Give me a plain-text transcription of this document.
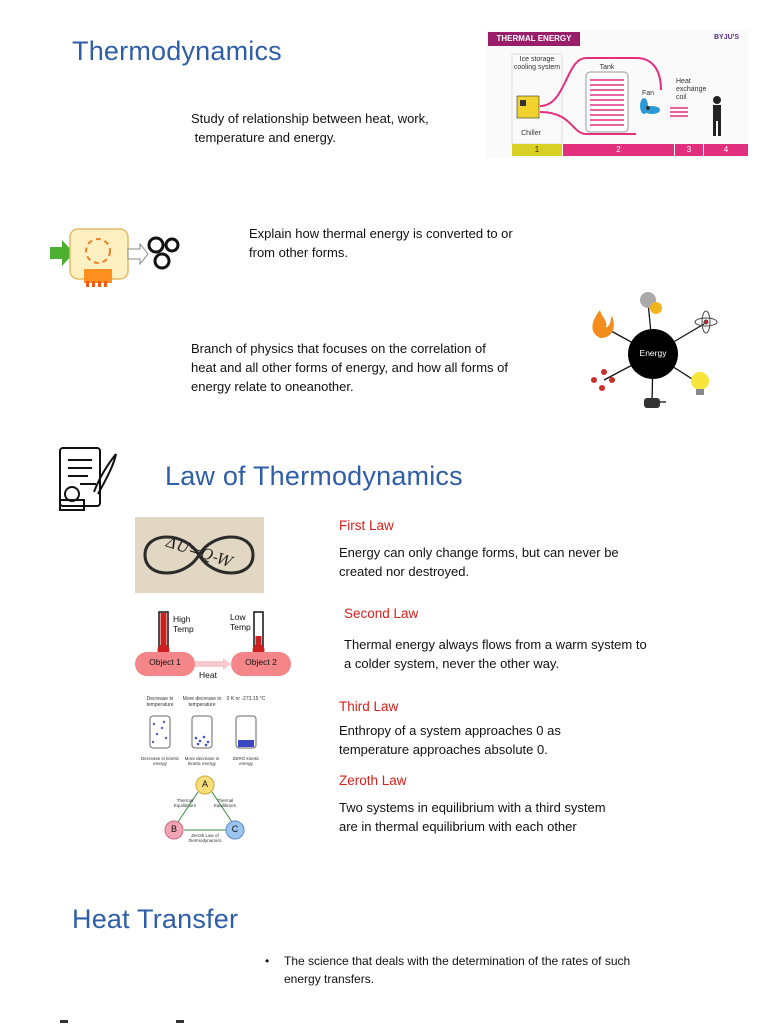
Thermodynamics
Study of relationship between heat, work,
temperature and energy.
THERMAL ENERGY	BYJU'S
Ice storage cooling system
Chiller
Tank
Fan
Heat exchange coil
1	2	3	4
Explain how thermal energy is converted to or
from other forms.
Branch of physics that focuses on the correlation of
heat and all other forms of energy, and how all forms of
energy relate to oneanother.
Energy
Law of Thermodynamics
ΔU=Q-W
First Law
Energy can only change forms, but can never be
created nor destroyed.
High
Temp
Low
Temp
Object 1	Object 2
Heat
Second Law
Thermal energy always flows from a warm system to
a colder system, never the other way.
Decrease in temperature
More decrease in temperature
0 K or -273.15 °C
Decrease in kinetic energy
More decrease in kinetic energy
ZERO kinetic energy
Third Law
Enthropy of a system approaches 0 as
temperature approaches absolute 0.
A
B	C
Thermal Equilibrium
Thermal Equilibrium
Zeroth Law of thermodynamics
Zeroth Law
Two systems in equilibrium with a third system
are in thermal equilibrium with each other
Heat Transfer
• The science that deals with the determination of the rates of such
energy transfers.
